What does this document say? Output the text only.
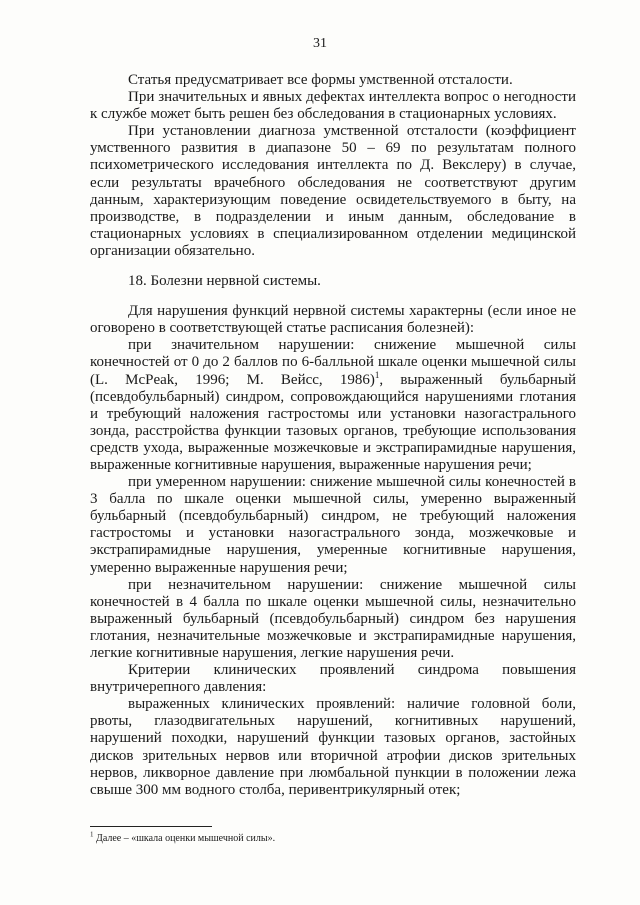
31

Статья предусматривает все формы умственной отсталости.

При значительных и явных дефектах интеллекта вопрос о негодности к службе может быть решен без обследования в стационарных условиях.

При установлении диагноза умственной отсталости (коэффициент умственного развития в диапазоне 50 – 69 по результатам полного психометрического исследования интеллекта по Д. Векслеру) в случае, если результаты врачебного обследования не соответствуют другим данным, характеризующим поведение освидетельствуемого в быту, на производстве, в подразделении и иным данным, обследование в стационарных условиях в специализированном отделении медицинской организации обязательно.

18. Болезни нервной системы.

Для нарушения функций нервной системы характерны (если иное не оговорено в соответствующей статье расписания болезней):

при значительном нарушении: снижение мышечной силы конечностей от 0 до 2 баллов по 6-балльной шкале оценки мышечной силы (L. McPeak, 1996; M. Вейсс, 1986)$^1$, выраженный бульбарный (псевдобульбарный) синдром, сопровождающийся нарушениями глотания и требующий наложения гастростомы или установки назогастрального зонда, расстройства функции тазовых органов, требующие использования средств ухода, выраженные мозжечковые и экстрапирамидные нарушения, выраженные когнитивные нарушения, выраженные нарушения речи;

при умеренном нарушении: снижение мышечной силы конечностей в 3 балла по шкале оценки мышечной силы, умеренно выраженный бульбарный (псевдобульбарный) синдром, не требующий наложения гастростомы и установки назогастрального зонда, мозжечковые и экстрапирамидные нарушения, умеренные когнитивные нарушения, умеренно выраженные нарушения речи;

при незначительном нарушении: снижение мышечной силы конечностей в 4 балла по шкале оценки мышечной силы, незначительно выраженный бульбарный (псевдобульбарный) синдром без нарушения глотания, незначительные мозжечковые и экстрапирамидные нарушения, легкие когнитивные нарушения, легкие нарушения речи.

Критерии клинических проявлений синдрома повышения внутричерепного давления:

выраженных клинических проявлений: наличие головной боли, рвоты, глазодвигательных нарушений, когнитивных нарушений, нарушений походки, нарушений функции тазовых органов, застойных дисков зрительных нервов или вторичной атрофии дисков зрительных нервов, ликворное давление при люмбальной пункции в положении лежа свыше 300 мм водного столба, перивентрикулярный отек;

$^1$ Далее – «шкала оценки мышечной силы».
